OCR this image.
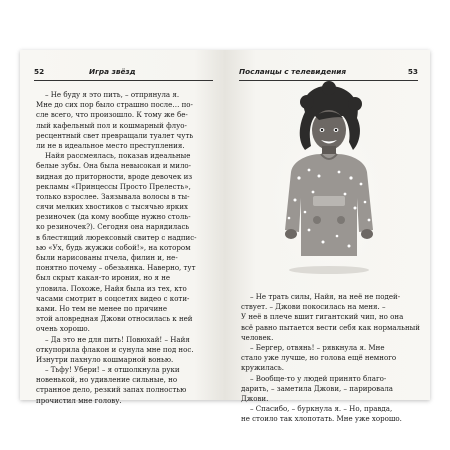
52	Игра звёзд
– Не буду я это пить, – отпрянула я.
Мне до сих пор было страшно после… по-
сле всего, что произошло. К тому же бе-
лый кафельный пол и кошмарный флуо-
ресцентный свет превращали туалет чуть
ли не в идеальное место преступления.
Найя рассмеялась, показав идеальные
белые зубы. Она была невысокая и мило-
видная до приторности, вроде девочек из
рекламы «Принцессы Просто Прелесть»,
только взрослее. Заязывала волосы в ты-
сячи мелких хвостиков с тысячью ярких
резиночек (да кому вообще нужно столь-
ко резиночек?). Сегодня она нарядилась
в блестящий люрексовый свитер с надпис-
ью «Ух, будь жужжи собой!», на котором
были нарисованы пчела, филин и, не-
понятно почему – обезьянка. Наверно, тут
был скрыт какая-то ирония, но я не
уловила. Похоже, Найя была из тех, кто
часами смотрит в соцсетях видео с коти-
ками. Но тем не менее по причине
этой аловредная Джови относилась к ней
очень хорошо.
– Да это не для пить! Повюхай! – Найя
откупорила флакон и сунула мне под нос.
Изнутри пахнуло кошмарной вонью.
– Тьфу! Убери! – я отшолкнула руки
новенькой, но удивление сильные, но
странное дело, резкий запах полностью
прочистил мне голову.
Посланцы с телевидения	53
– Не трать силы, Найя, на неё не подей-
ствует. – Джови покосилась на меня. –
У неё в плече вшит гигантский чип, но она
всё равно пытается вести себя как нормальный
человек.
– Бергер, отвянь! – рявкнула я. Мне
стало уже лучше, но голова ещё немного
кружилась.
– Вообще-то у людей принято благо-
дарить, – заметила Джови, – парировала
Джови.
– Спасибо, – буркнула я. – Но, правда,
не стоило так хлопотать. Мне уже хорошо.
